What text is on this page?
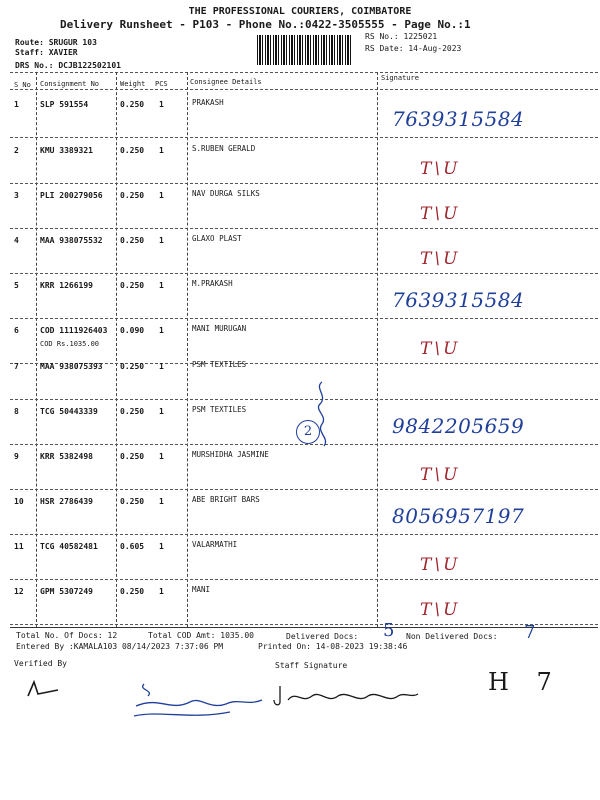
THE PROFESSIONAL COURIERS, COIMBATORE
Delivery Runsheet - P103 - Phone No.:0422-3505555 - Page No.:1
Route: SRUGUR 103
Staff: XAVIER
DRS No.: DCJB122502101
RS No.: 1225021
RS Date: 14-Aug-2023
S No Consignment No	Weight PCS	Consignee Details	Signature
1	SLP 591554	0.250 1	PRAKASH
7639315584
2	KMU 3389321	0.250 1	S.RUBEN GERALD
T\U
3	PLI 200279056 0.250 1	NAV DURGA SILKS
T\U
4	MAA 938075532 0.250 1	GLAXO PLAST
T\U
5	KRR 1266199	0.250 1	M.PRAKASH
7639315584
6	COD 1111926403 0.090 1	MANI MURUGAN
COD Rs.1035.00	T\U
7	MAA 938075393 0.250 1	PSM TEXTILES
8	TCG 50443339	0.250 1	PSM TEXTILES
9842205659
9	KRR 5382498	0.250 1	MURSHIDHA JASMINE
T\U
10 HSR 2786439	0.250 1	ABE BRIGHT BARS
8056957197
11 TCG 40582481	0.605 1	VALARMATHI
T\U
12 GPM 5307249	0.250 1	MANI
T\U
2
Total No. Of Docs: 12	Total COD Amt: 1035.00	Delivered Docs: 5 Non Delivered Docs: 7
Entered By :KAMALA103 08/14/2023 7:37:06 PM	Printed On: 14-08-2023 19:38:46
Verified By	Staff Signature
H 7
